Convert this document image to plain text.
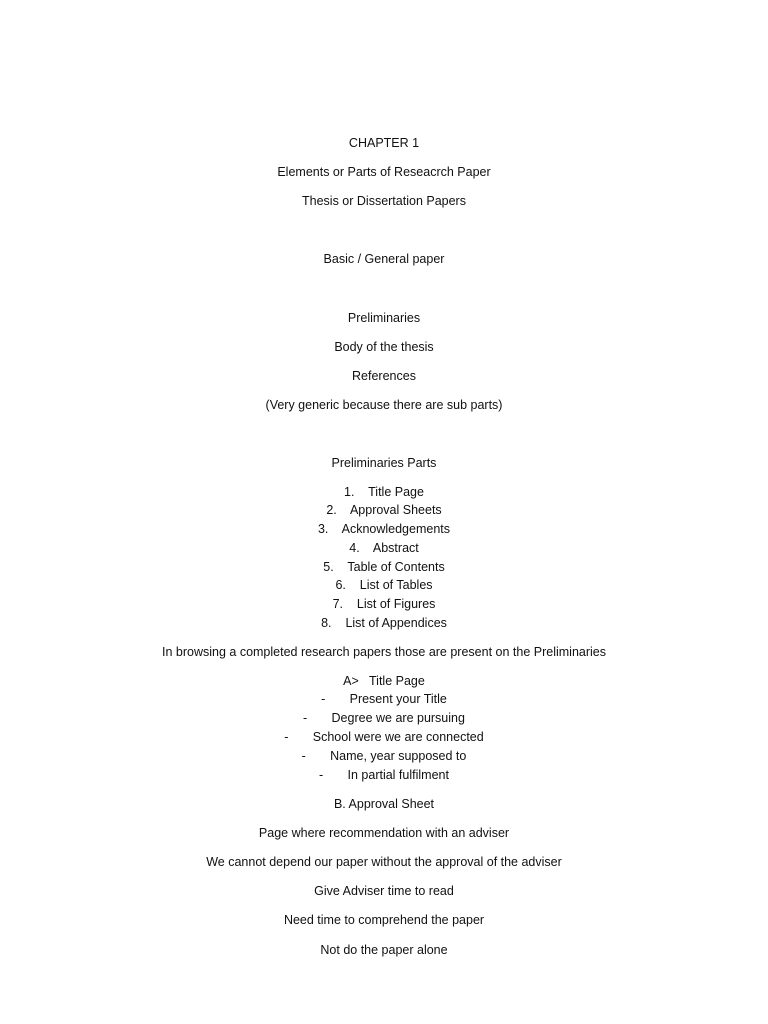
CHAPTER 1
Elements or Parts of Reseacrch Paper
Thesis or Dissertation Papers
Basic / General paper
Preliminaries
Body of the thesis
References
(Very generic because there are sub parts)
Preliminaries Parts
1. Title Page
2. Approval Sheets
3. Acknowledgements
4. Abstract
5. Table of Contents
6. List of Tables
7. List of Figures
8. List of Appendices
In browsing a completed research papers those are present on the Preliminaries
A> Title Page
- Present your Title
- Degree we are pursuing
- School were we are connected
- Name, year supposed to
- In partial fulfilment
B. Approval Sheet
Page where recommendation with an adviser
We cannot depend our paper without the approval of the adviser
Give Adviser time to read
Need time to comprehend the paper
Not do the paper alone
